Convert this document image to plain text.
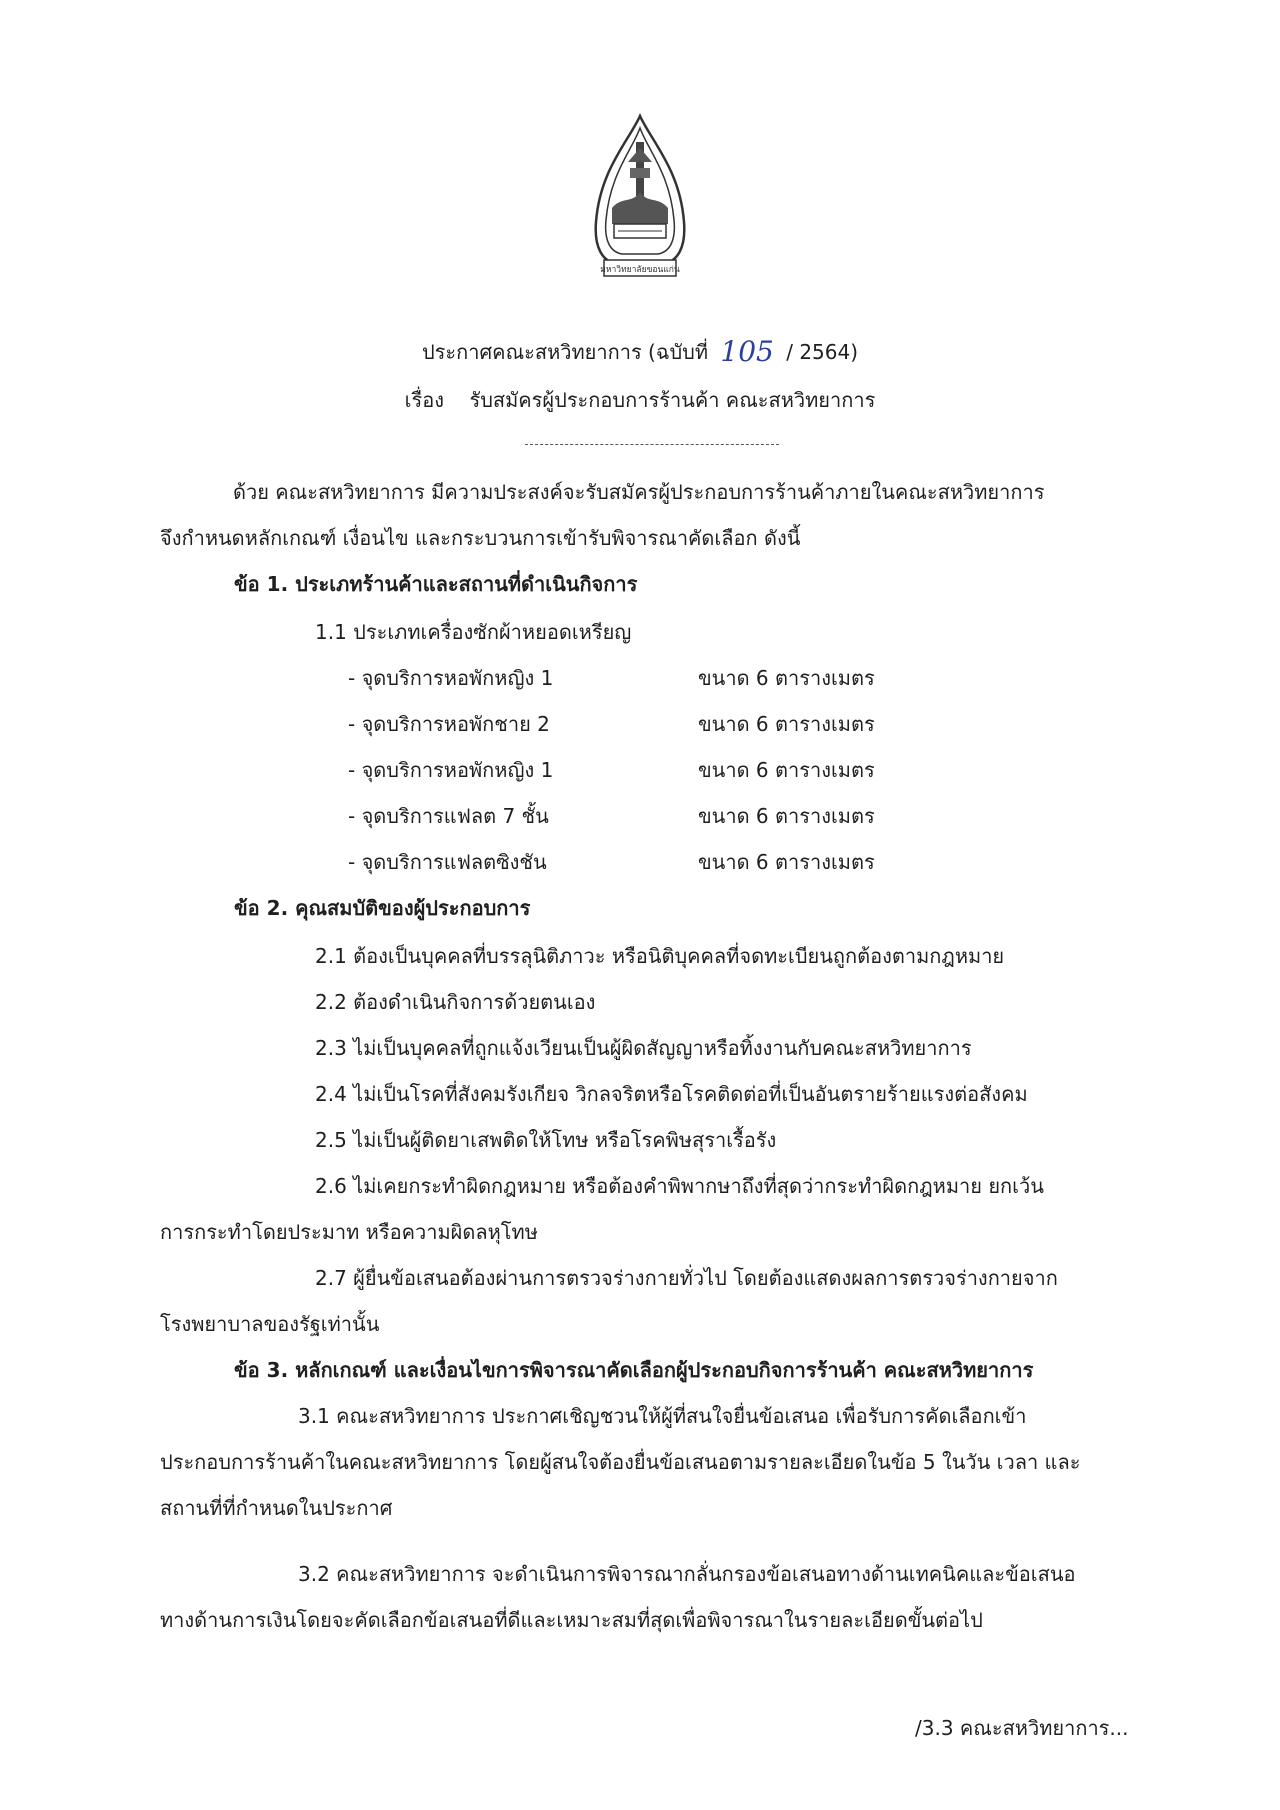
มหาวิทยาลัยขอนแก่น
ประกาศคณะสหวิทยาการ (ฉบับที่ 105 / 2564)
เรื่อง รับสมัครผู้ประกอบการร้านค้า คณะสหวิทยาการ
ด้วย คณะสหวิทยาการ มีความประสงค์จะรับสมัครผู้ประกอบการร้านค้าภายในคณะสหวิทยาการ
จึงกำหนดหลักเกณฑ์ เงื่อนไข และกระบวนการเข้ารับพิจารณาคัดเลือก ดังนี้
ข้อ 1. ประเภทร้านค้าและสถานที่ดำเนินกิจการ
1.1 ประเภทเครื่องซักผ้าหยอดเหรียญ
- จุดบริการหอพักหญิง 1	ขนาด 6 ตารางเมตร
- จุดบริการหอพักชาย 2	ขนาด 6 ตารางเมตร
- จุดบริการหอพักหญิง 1	ขนาด 6 ตารางเมตร
- จุดบริการแฟลต 7 ชั้น	ขนาด 6 ตารางเมตร
- จุดบริการแฟลตซิงชัน	ขนาด 6 ตารางเมตร
ข้อ 2. คุณสมบัติของผู้ประกอบการ
2.1 ต้องเป็นบุคคลที่บรรลุนิติภาวะ หรือนิติบุคคลที่จดทะเบียนถูกต้องตามกฎหมาย
2.2 ต้องดำเนินกิจการด้วยตนเอง
2.3 ไม่เป็นบุคคลที่ถูกแจ้งเวียนเป็นผู้ผิดสัญญาหรือทิ้งงานกับคณะสหวิทยาการ
2.4 ไม่เป็นโรคที่สังคมรังเกียจ วิกลจริตหรือโรคติดต่อที่เป็นอันตรายร้ายแรงต่อสังคม
2.5 ไม่เป็นผู้ติดยาเสพติดให้โทษ หรือโรคพิษสุราเรื้อรัง
2.6 ไม่เคยกระทำผิดกฎหมาย หรือต้องคำพิพากษาถึงที่สุดว่ากระทำผิดกฎหมาย ยกเว้น
การกระทำโดยประมาท หรือความผิดลหุโทษ
2.7 ผู้ยื่นข้อเสนอต้องผ่านการตรวจร่างกายทั่วไป โดยต้องแสดงผลการตรวจร่างกายจาก
โรงพยาบาลของรัฐเท่านั้น
ข้อ 3. หลักเกณฑ์ และเงื่อนไขการพิจารณาคัดเลือกผู้ประกอบกิจการร้านค้า คณะสหวิทยาการ
3.1 คณะสหวิทยาการ ประกาศเชิญชวนให้ผู้ที่สนใจยื่นข้อเสนอ เพื่อรับการคัดเลือกเข้า
ประกอบการร้านค้าในคณะสหวิทยาการ โดยผู้สนใจต้องยื่นข้อเสนอตามรายละเอียดในข้อ 5 ในวัน เวลา และ
สถานที่ที่กำหนดในประกาศ
3.2 คณะสหวิทยาการ จะดำเนินการพิจารณากลั่นกรองข้อเสนอทางด้านเทคนิคและข้อเสนอ
ทางด้านการเงินโดยจะคัดเลือกข้อเสนอที่ดีและเหมาะสมที่สุดเพื่อพิจารณาในรายละเอียดขั้นต่อไป
/3.3 คณะสหวิทยาการ...
